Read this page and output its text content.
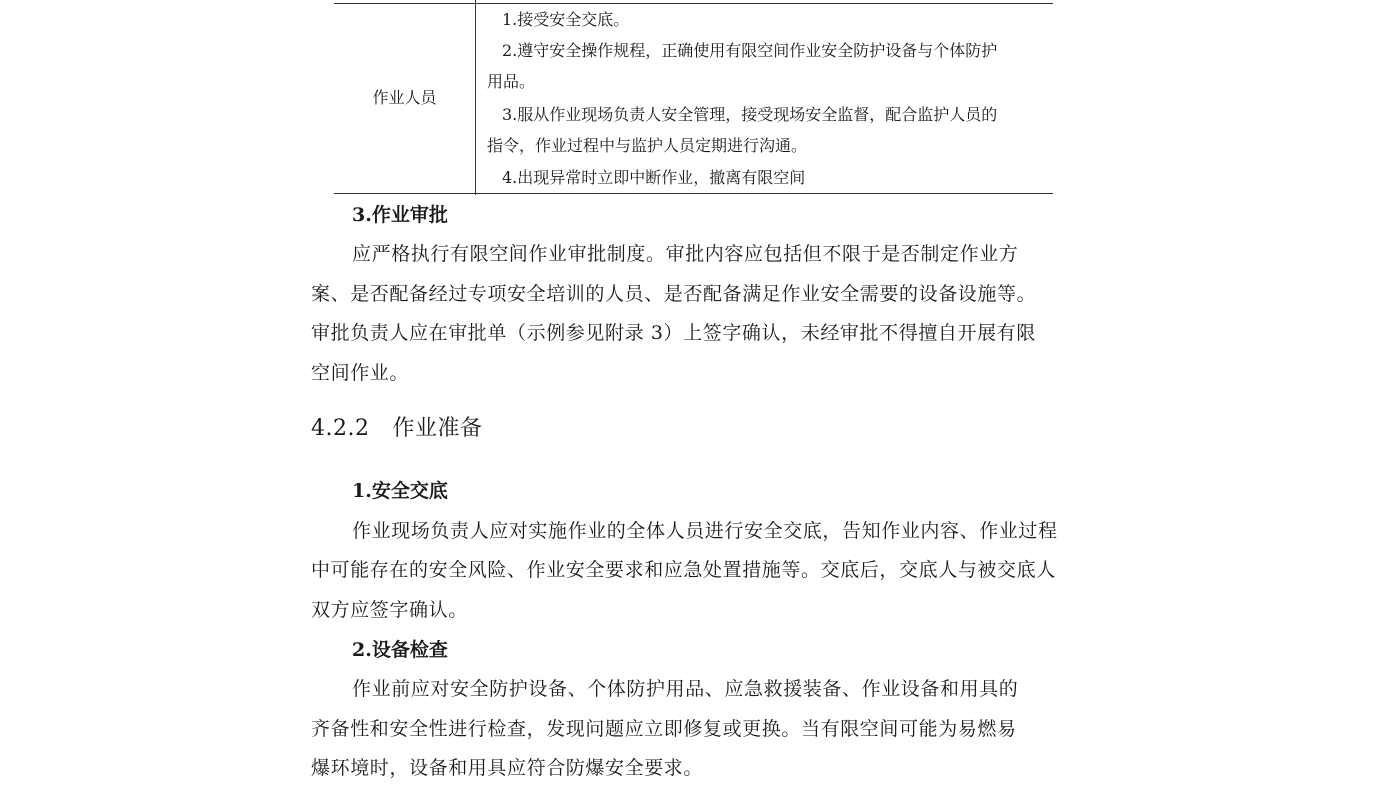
作业人员
1.接受安全交底。
2.遵守安全操作规程，正确使用有限空间作业安全防护设备与个体防护
用品。
3.服从作业现场负责人安全管理，接受现场安全监督，配合监护人员的
指令，作业过程中与监护人员定期进行沟通。
4.出现异常时立即中断作业，撤离有限空间
3.作业审批
应严格执行有限空间作业审批制度。审批内容应包括但不限于是否制定作业方
案、是否配备经过专项安全培训的人员、是否配备满足作业安全需要的设备设施等。
审批负责人应在审批单（示例参见附录 3）上签字确认，未经审批不得擅自开展有限
空间作业。
4.2.2 作业准备
1.安全交底
作业现场负责人应对实施作业的全体人员进行安全交底，告知作业内容、作业过程
中可能存在的安全风险、作业安全要求和应急处置措施等。交底后，交底人与被交底人
双方应签字确认。
2.设备检查
作业前应对安全防护设备、个体防护用品、应急救援装备、作业设备和用具的
齐备性和安全性进行检查，发现问题应立即修复或更换。当有限空间可能为易燃易
爆环境时，设备和用具应符合防爆安全要求。
